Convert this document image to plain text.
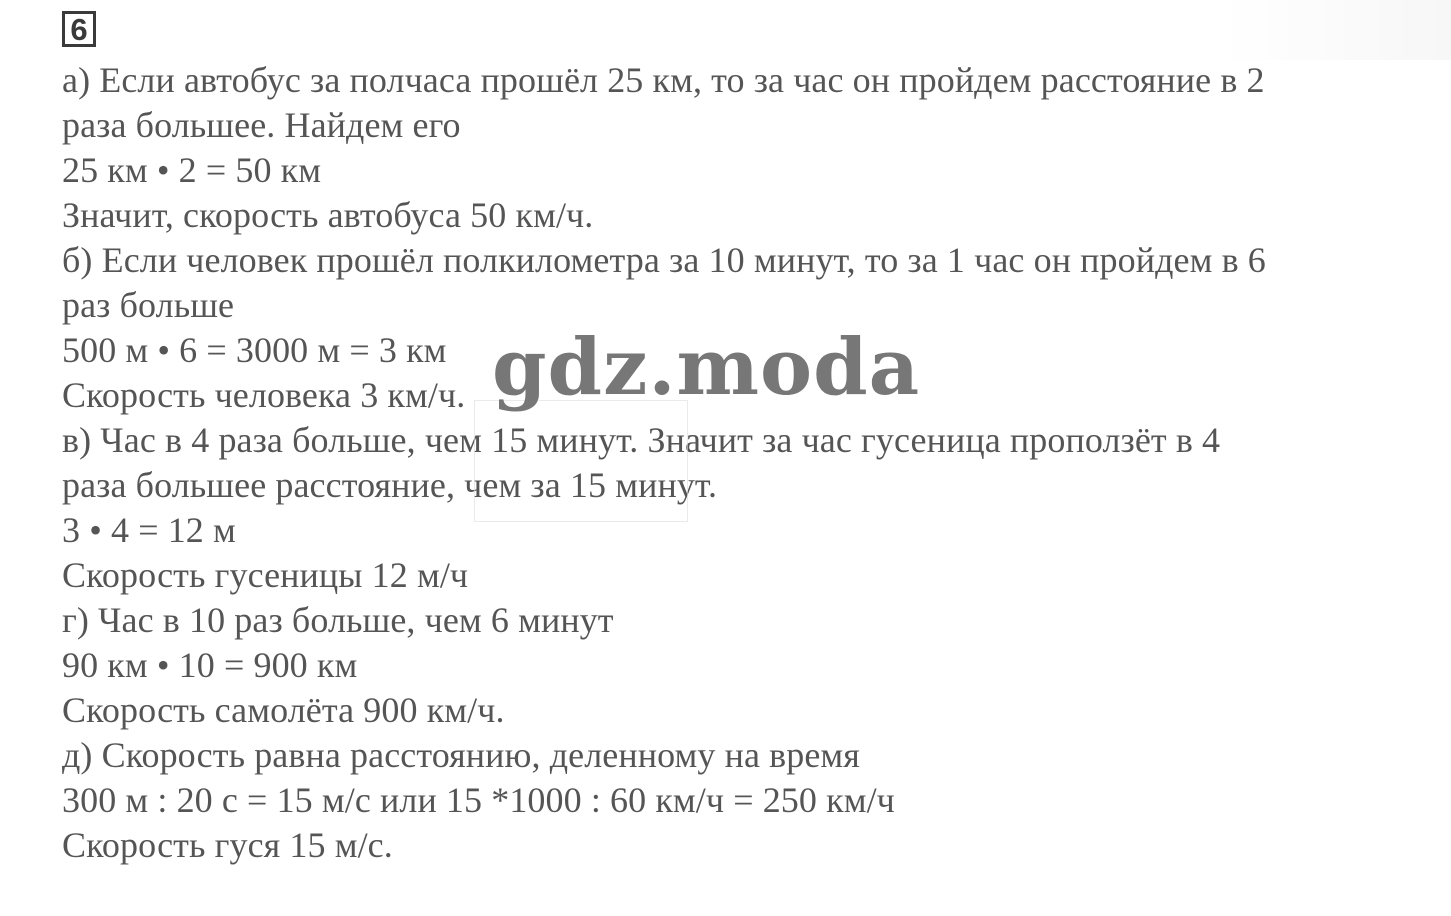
6
а) Если автобус за полчаса прошёл 25 км, то за час он пройдем расстояние в 2
раза большее. Найдем его
25 км • 2 = 50 км
Значит, скорость автобуса 50 км/ч.
б) Если человек прошёл полкилометра за 10 минут, то за 1 час он пройдем в 6
раз больше
500 м • 6 = 3000 м = 3 км
Скорость человека 3 км/ч.
в) Час в 4 раза больше, чем 15 минут. Значит за час гусеница проползёт в 4
раза большее расстояние, чем за 15 минут.
3 • 4 = 12 м
Скорость гусеницы 12 м/ч
г) Час в 10 раз больше, чем 6 минут
90 км • 10 = 900 км
Скорость самолёта 900 км/ч.
д) Скорость равна расстоянию, деленному на время
300 м : 20 с = 15 м/с или 15 *1000 : 60 км/ч = 250 км/ч
Скорость гуся 15 м/с.
gdz.moda
